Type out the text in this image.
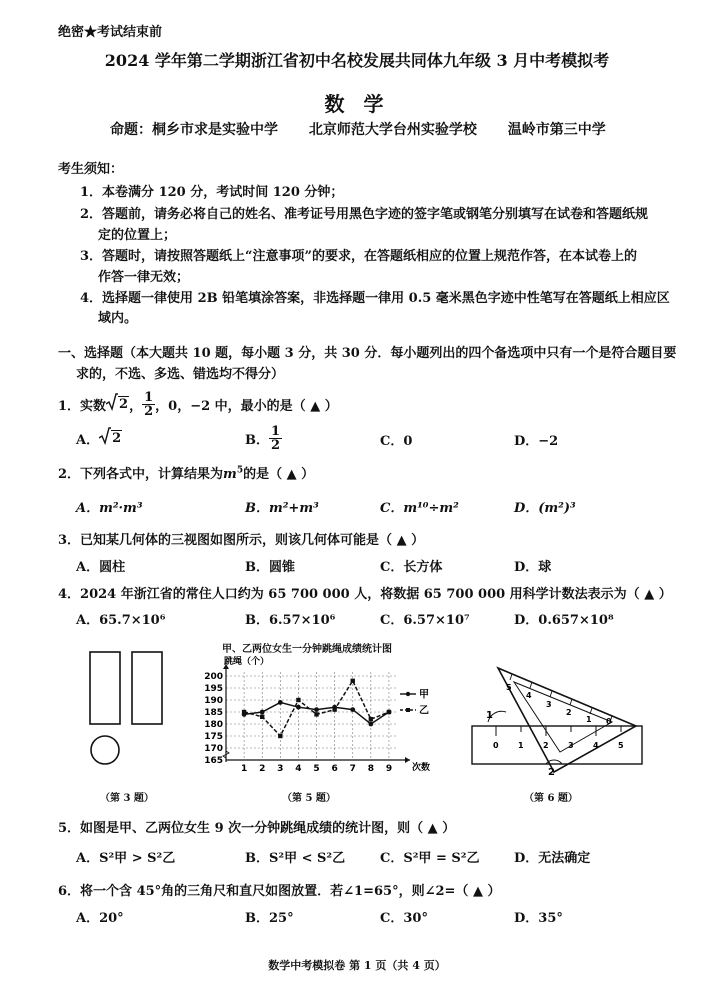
绝密★考试结束前
2024 学年第二学期浙江省初中名校发展共同体九年级 3 月中考模拟考
数 学
命题：桐乡市求是实验中学 北京师范大学台州实验学校 温岭市第三中学
考生须知：
1．本卷满分 120 分，考试时间 120 分钟；
2．答题前，请务必将自己的姓名、准考证号用黑色字迹的签字笔或钢笔分别填写在试卷和答题纸规
定的位置上；
3．答题时，请按照答题纸上“注意事项”的要求，在答题纸相应的位置上规范作答，在本试卷上的
作答一律无效；
4．选择题一律使用 2B 铅笔填涂答案，非选择题一律用 0.5 毫米黑色字迹中性笔写在答题纸上相应区
域内。
一、选择题（本大题共 10 题，每小题 3 分，共 30 分．每小题列出的四个备选项中只有一个是符合题目要
求的，不选、多选、错选均不得分）
1．实数 2 ， $\frac{1}{2}$ ，0，−2 中，最小的是（ ▲ ）
A． 2	B． $\frac{1}{2}$	C．0	D．−2
2．下列各式中，计算结果为$m^5$的是（ ▲ ）
A．m²·m³	B．m²+m³	C．m¹⁰÷m²	D．(m²)³
3．已知某几何体的三视图如图所示，则该几何体可能是（ ▲ ）
A．圆柱	B．圆锥	C．长方体	D．球
4．2024 年浙江省的常住人口约为 65 700 000 人，将数据 65 700 000 用科学计数法表示为（ ▲ ）
A．65.7×10⁶	B．6.57×10⁶	C．6.57×10⁷	D．0.657×10⁸
（第 3 题）
甲、乙两位女生一分钟跳绳成绩统计图
165
170
175
180
185
190
195
200
1 2 3 4 5 6 7 8 9
跳绳（个）
次数
甲
乙
（第 5 题）
0 1 2 3 4 5
5
4
3
2
1 0
1
2
（第 6 题）
5．如图是甲、乙两位女生 9 次一分钟跳绳成绩的统计图，则（ ▲ ）
A．S²甲 > S²乙	B．S²甲 < S²乙	C．S²甲 = S²乙	D．无法确定
6．将一个含 45°角的三角尺和直尺如图放置．若∠1=65°，则∠2=（ ▲ ）
A．20°	B．25°	C．30°	D．35°
数学中考模拟卷 第 1 页（共 4 页）
